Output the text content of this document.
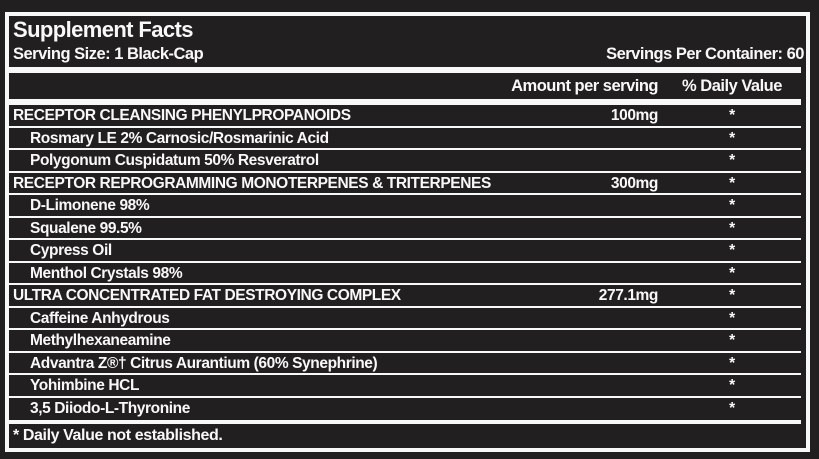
Supplement Facts
Serving Size: 1 Black-Cap	Servings Per Container: 60
Amount per serving	% Daily Value
RECEPTOR CLEANSING PHENYLPROPANOIDS	100mg	*
Rosmary LE 2% Carnosic/Rosmarinic Acid	*
Polygonum Cuspidatum 50% Resveratrol	*
RECEPTOR REPROGRAMMING MONOTERPENES & TRITERPENES	300mg	*
D-Limonene 98%	*
Squalene 99.5%	*
Cypress Oil	*
Menthol Crystals 98%	*
ULTRA CONCENTRATED FAT DESTROYING COMPLEX	277.1mg	*
Caffeine Anhydrous	*
Methylhexaneamine	*
Advantra Z®† Citrus Aurantium (60% Synephrine)	*
Yohimbine HCL	*
3,5 Diiodo-L-Thyronine	*
* Daily Value not established.
